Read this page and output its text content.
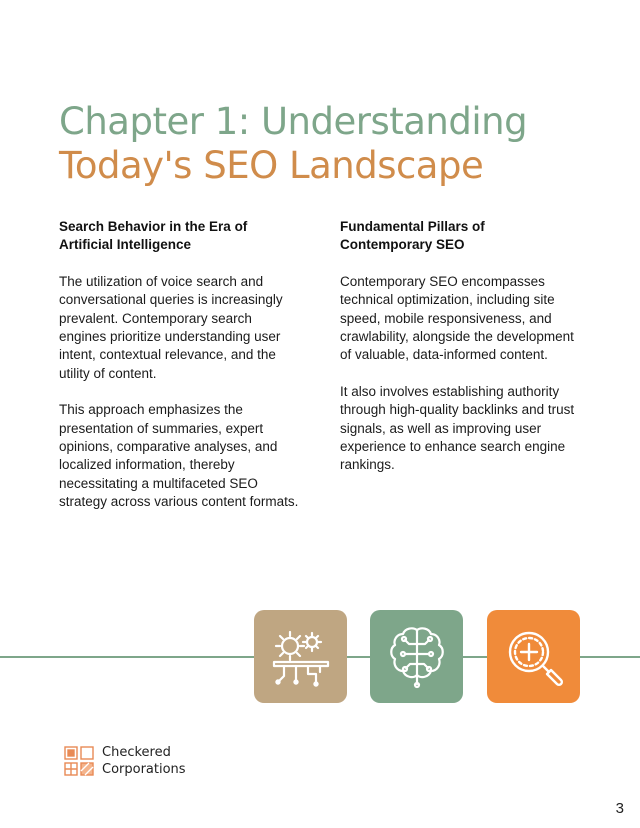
Chapter 1: Understanding
Today's SEO Landscape
Search Behavior in the Era of Artificial Intelligence

The utilization of voice search and conversational queries is increasingly prevalent. Contemporary search engines prioritize understanding user intent, contextual relevance, and the utility of content.

This approach emphasizes the presentation of summaries, expert opinions, comparative analyses, and localized information, thereby necessitating a multifaceted SEO strategy across various content formats.

Fundamental Pillars of Contemporary SEO

Contemporary SEO encompasses technical optimization, including site speed, mobile responsiveness, and crawlability, alongside the development of valuable, data-informed content.

It also involves establishing authority through high-quality backlinks and trust signals, as well as improving user experience to enhance search engine rankings.

Checkered
Corporations
3
